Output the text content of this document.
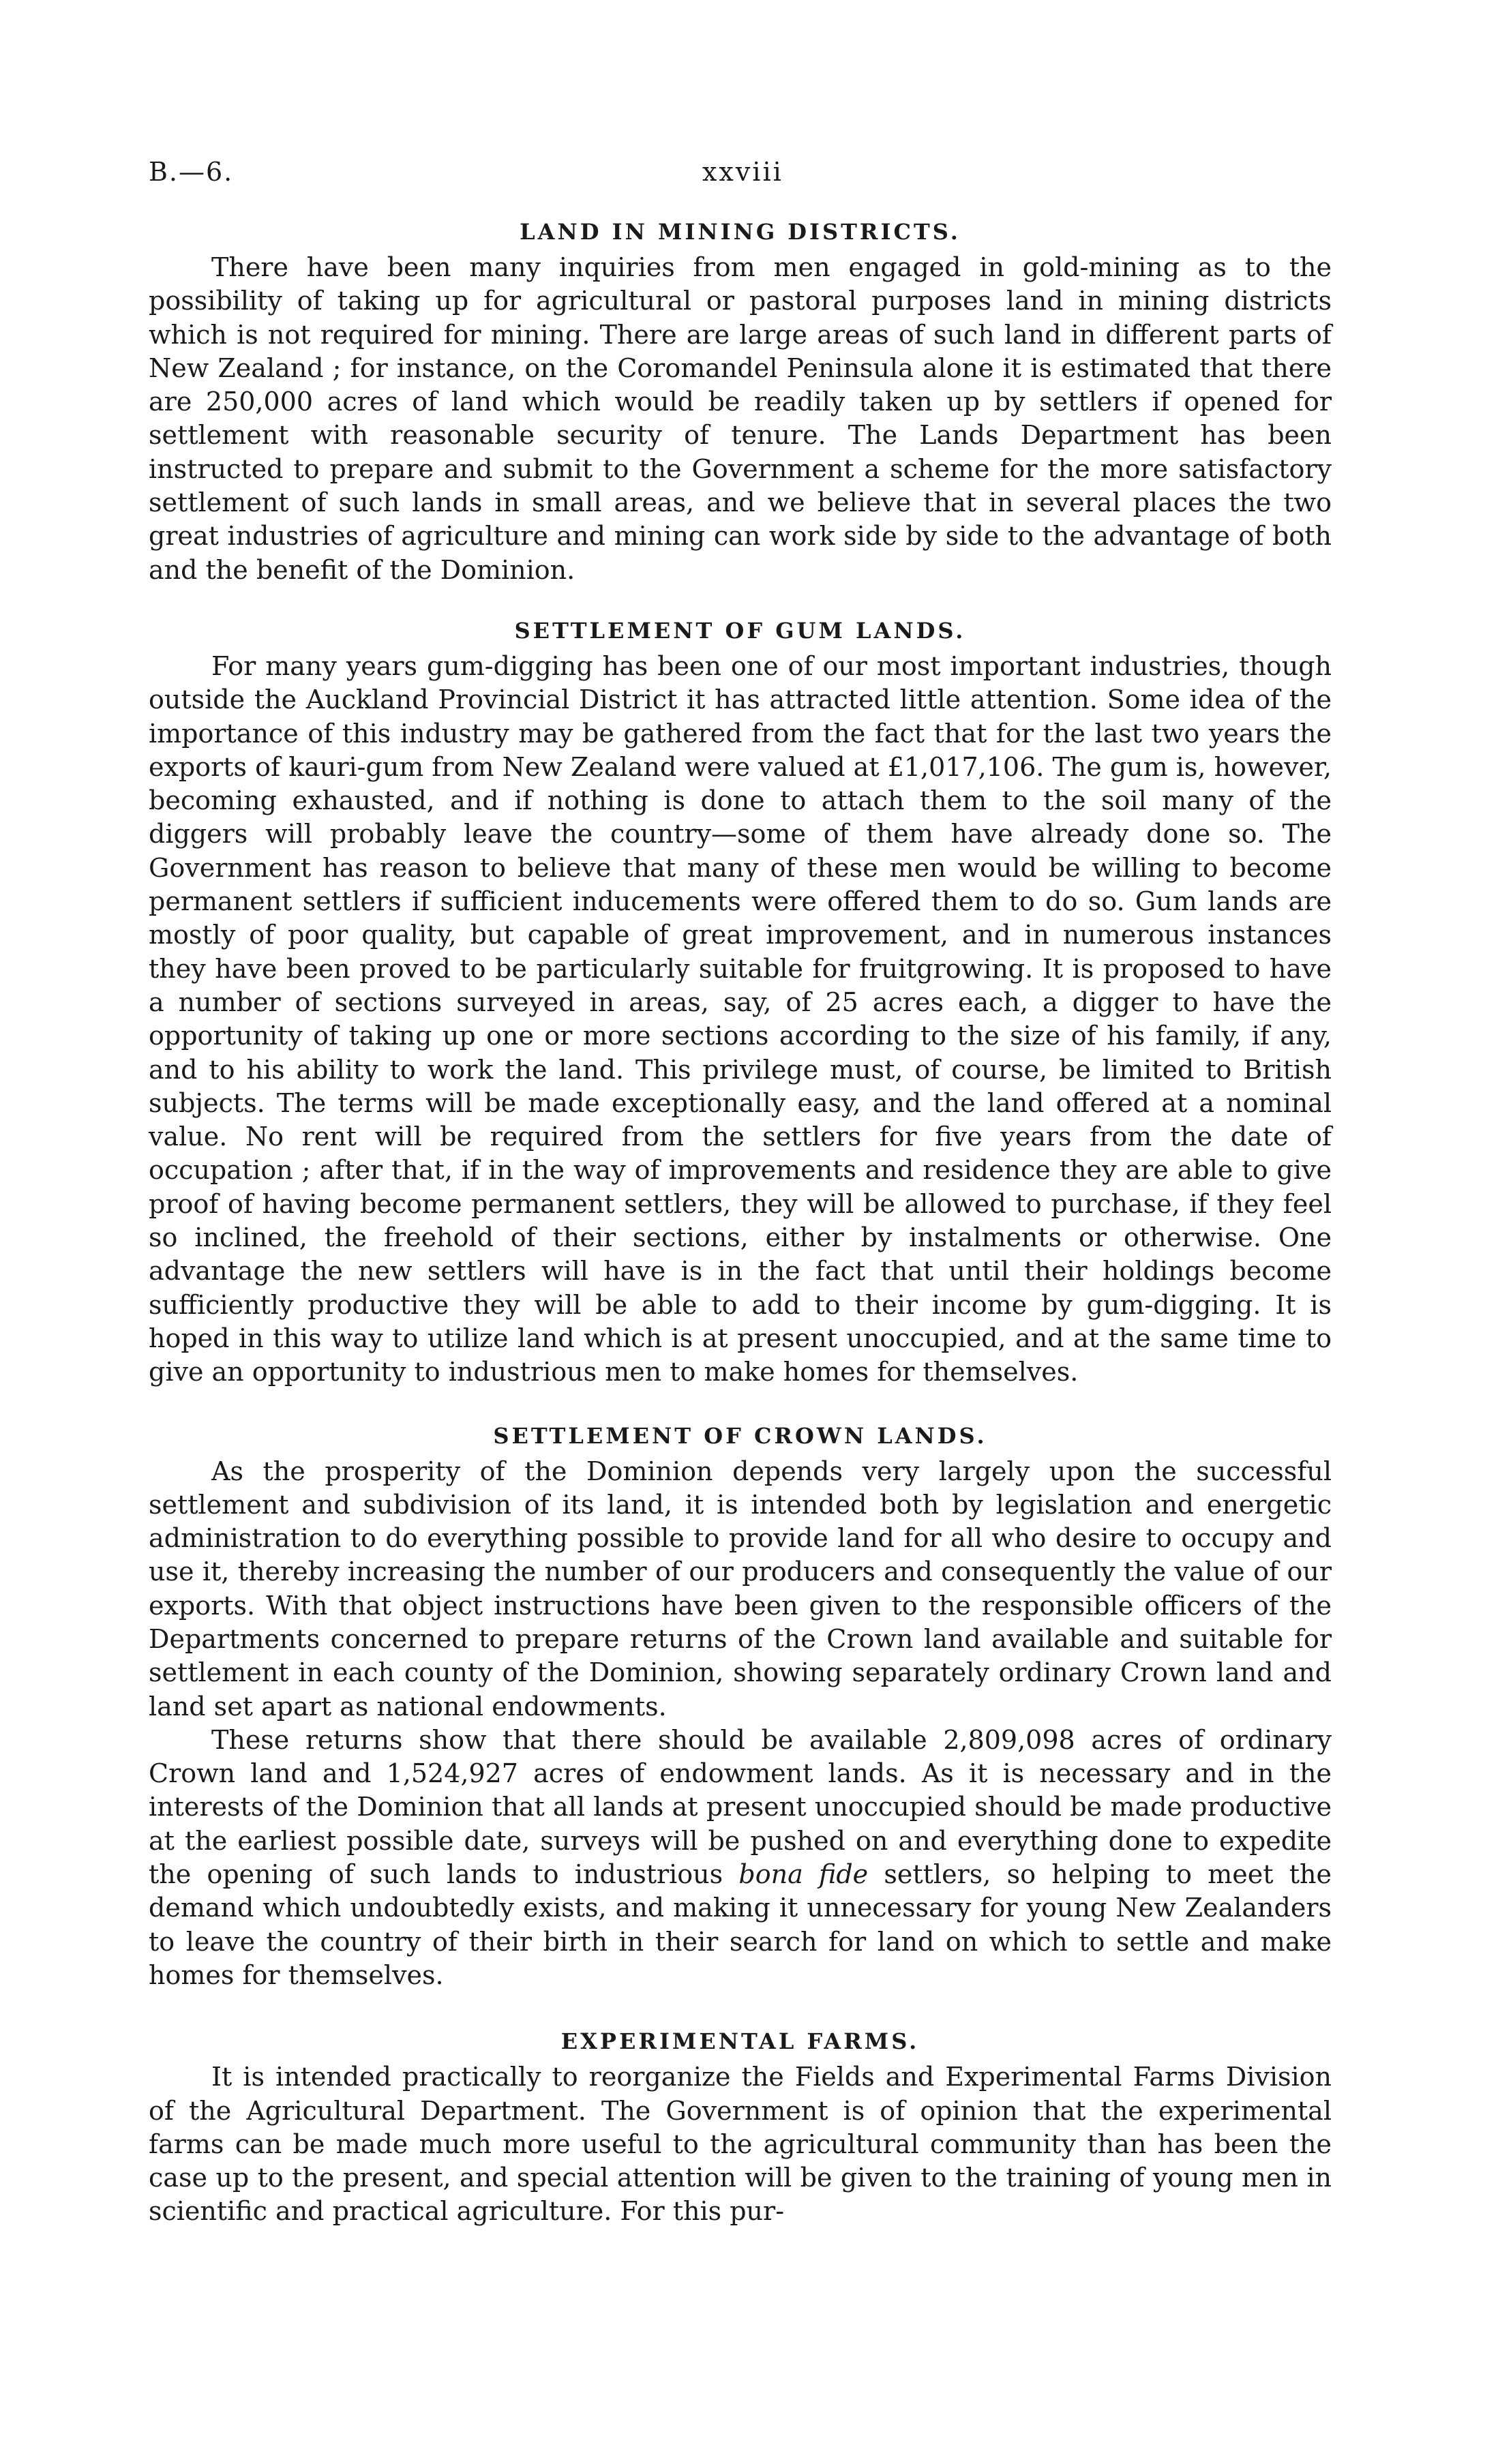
B.—6.	xxviii
LAND IN MINING DISTRICTS.

There have been many inquiries from men engaged in gold-mining as to the possibility of taking up for agricultural or pastoral purposes land in mining districts which is not required for mining. There are large areas of such land in different parts of New Zealand ; for instance, on the Coromandel Peninsula alone it is estimated that there are 250,000 acres of land which would be readily taken up by settlers if opened for settlement with reasonable security of tenure. The Lands Department has been instructed to prepare and submit to the Government a scheme for the more satisfactory settlement of such lands in small areas, and we believe that in several places the two great industries of agriculture and mining can work side by side to the advantage of both and the benefit of the Dominion.

SETTLEMENT OF GUM LANDS.

For many years gum-digging has been one of our most important industries, though outside the Auckland Provincial District it has attracted little attention. Some idea of the importance of this industry may be gathered from the fact that for the last two years the exports of kauri-gum from New Zealand were valued at £1,017,106. The gum is, however, becoming exhausted, and if nothing is done to attach them to the soil many of the diggers will probably leave the country—some of them have already done so. The Government has reason to believe that many of these men would be willing to become permanent settlers if sufficient inducements were offered them to do so. Gum lands are mostly of poor quality, but capable of great improvement, and in numerous instances they have been proved to be particularly suitable for fruitgrowing. It is proposed to have a number of sections surveyed in areas, say, of 25 acres each, a digger to have the opportunity of taking up one or more sections according to the size of his family, if any, and to his ability to work the land. This privilege must, of course, be limited to British subjects. The terms will be made exceptionally easy, and the land offered at a nominal value. No rent will be required from the settlers for five years from the date of occupation ; after that, if in the way of improvements and residence they are able to give proof of having become permanent settlers, they will be allowed to purchase, if they feel so inclined, the freehold of their sections, either by instalments or otherwise. One advantage the new settlers will have is in the fact that until their holdings become sufficiently productive they will be able to add to their income by gum-digging. It is hoped in this way to utilize land which is at present unoccupied, and at the same time to give an opportunity to industrious men to make homes for themselves.

SETTLEMENT OF CROWN LANDS.

As the prosperity of the Dominion depends very largely upon the successful settlement and subdivision of its land, it is intended both by legislation and energetic administration to do everything possible to provide land for all who desire to occupy and use it, thereby increasing the number of our producers and consequently the value of our exports. With that object instructions have been given to the responsible officers of the Departments concerned to prepare returns of the Crown land available and suitable for settlement in each county of the Dominion, showing separately ordinary Crown land and land set apart as national endowments.

These returns show that there should be available 2,809,098 acres of ordinary Crown land and 1,524,927 acres of endowment lands. As it is necessary and in the interests of the Dominion that all lands at present unoccupied should be made productive at the earliest possible date, surveys will be pushed on and everything done to expedite the opening of such lands to industrious bona fide settlers, so helping to meet the demand which undoubtedly exists, and making it unnecessary for young New Zealanders to leave the country of their birth in their search for land on which to settle and make homes for themselves.

EXPERIMENTAL FARMS.

It is intended practically to reorganize the Fields and Experimental Farms Division of the Agricultural Department. The Government is of opinion that the experimental farms can be made much more useful to the agricultural community than has been the case up to the present, and special attention will be given to the training of young men in scientific and practical agriculture. For this pur-
